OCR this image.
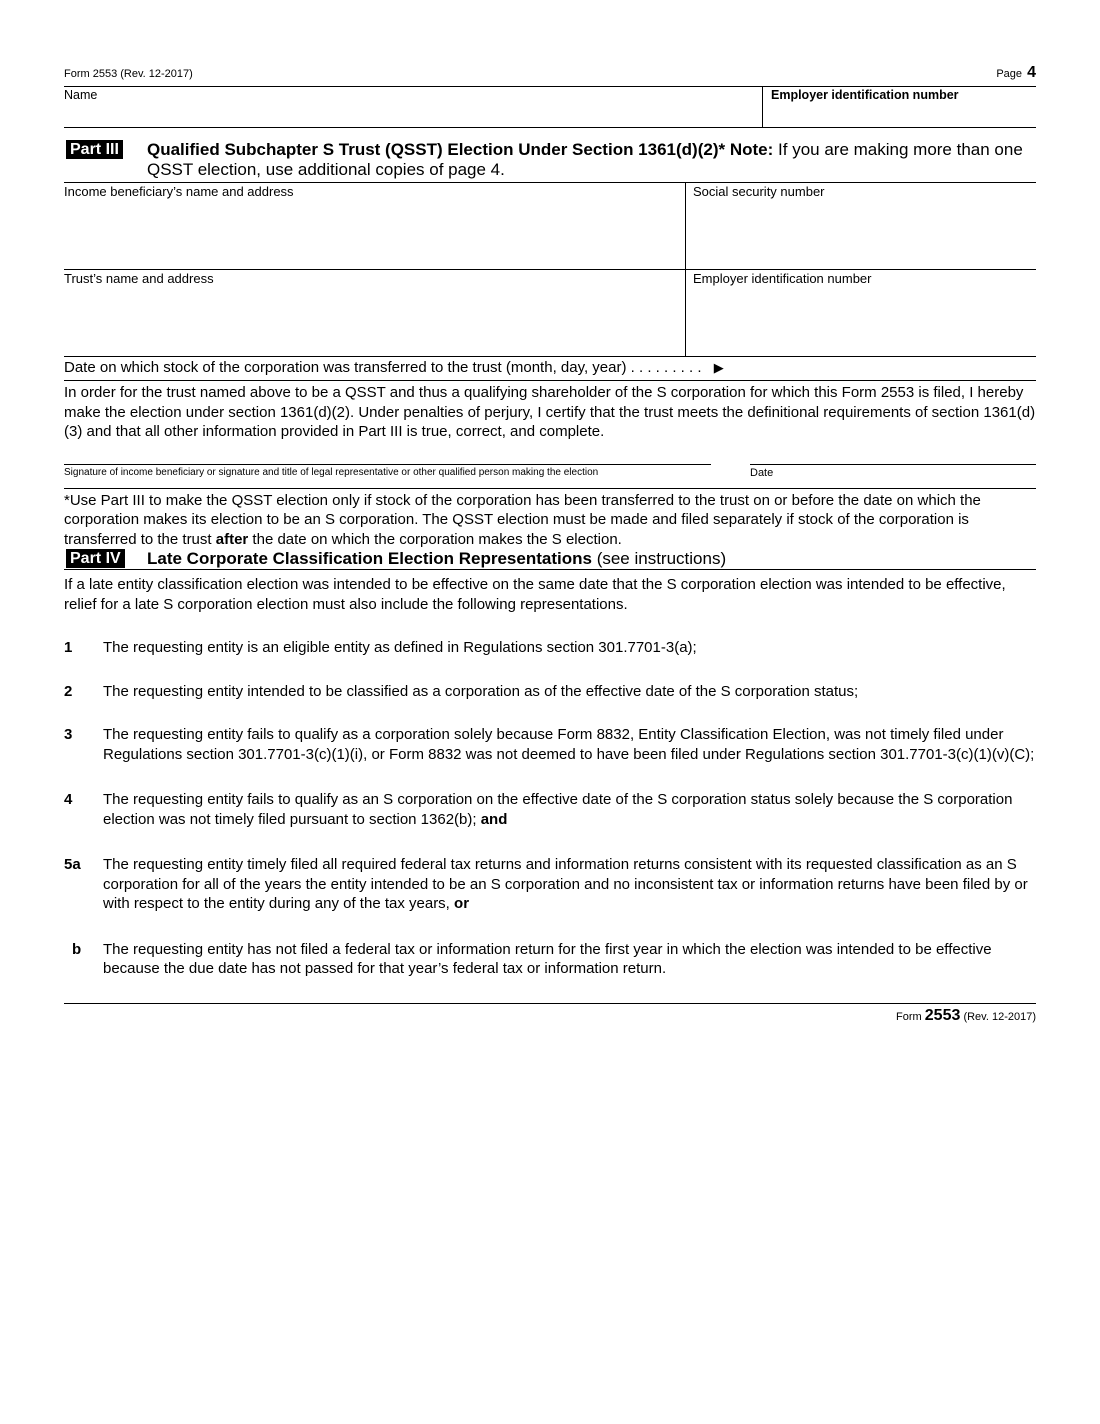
Form 2553 (Rev. 12-2017)	Page 4
Name	Employer identification number
Part III Qualified Subchapter S Trust (QSST) Election Under Section 1361(d)(2)* Note: If you are making more than one QSST election, use additional copies of page 4.
Income beneficiary’s name and address	Social security number
Trust’s name and address	Employer identification number
Date on which stock of the corporation was transferred to the trust (month, day, year) . . . . . . . . . ▶
In order for the trust named above to be a QSST and thus a qualifying shareholder of the S corporation for which this Form 2553 is filed, I hereby make the election under section 1361(d)(2). Under penalties of perjury, I certify that the trust meets the definitional requirements of section 1361(d)(3) and that all other information provided in Part III is true, correct, and complete.
Signature of income beneficiary or signature and title of legal representative or other qualified person making the election	Date
*Use Part III to make the QSST election only if stock of the corporation has been transferred to the trust on or before the date on which the corporation makes its election to be an S corporation. The QSST election must be made and filed separately if stock of the corporation is transferred to the trust after the date on which the corporation makes the S election.
Part IV Late Corporate Classification Election Representations (see instructions)
If a late entity classification election was intended to be effective on the same date that the S corporation election was intended to be effective, relief for a late S corporation election must also include the following representations.
1 The requesting entity is an eligible entity as defined in Regulations section 301.7701-3(a);
2 The requesting entity intended to be classified as a corporation as of the effective date of the S corporation status;
3 The requesting entity fails to qualify as a corporation solely because Form 8832, Entity Classification Election, was not timely filed under Regulations section 301.7701-3(c)(1)(i), or Form 8832 was not deemed to have been filed under Regulations section 301.7701-3(c)(1)(v)(C);
4 The requesting entity fails to qualify as an S corporation on the effective date of the S corporation status solely because the S corporation election was not timely filed pursuant to section 1362(b); and
5a The requesting entity timely filed all required federal tax returns and information returns consistent with its requested classification as an S corporation for all of the years the entity intended to be an S corporation and no inconsistent tax or information returns have been filed by or with respect to the entity during any of the tax years, or
b The requesting entity has not filed a federal tax or information return for the first year in which the election was intended to be effective because the due date has not passed for that year’s federal tax or information return.
Form 2553 (Rev. 12-2017)
